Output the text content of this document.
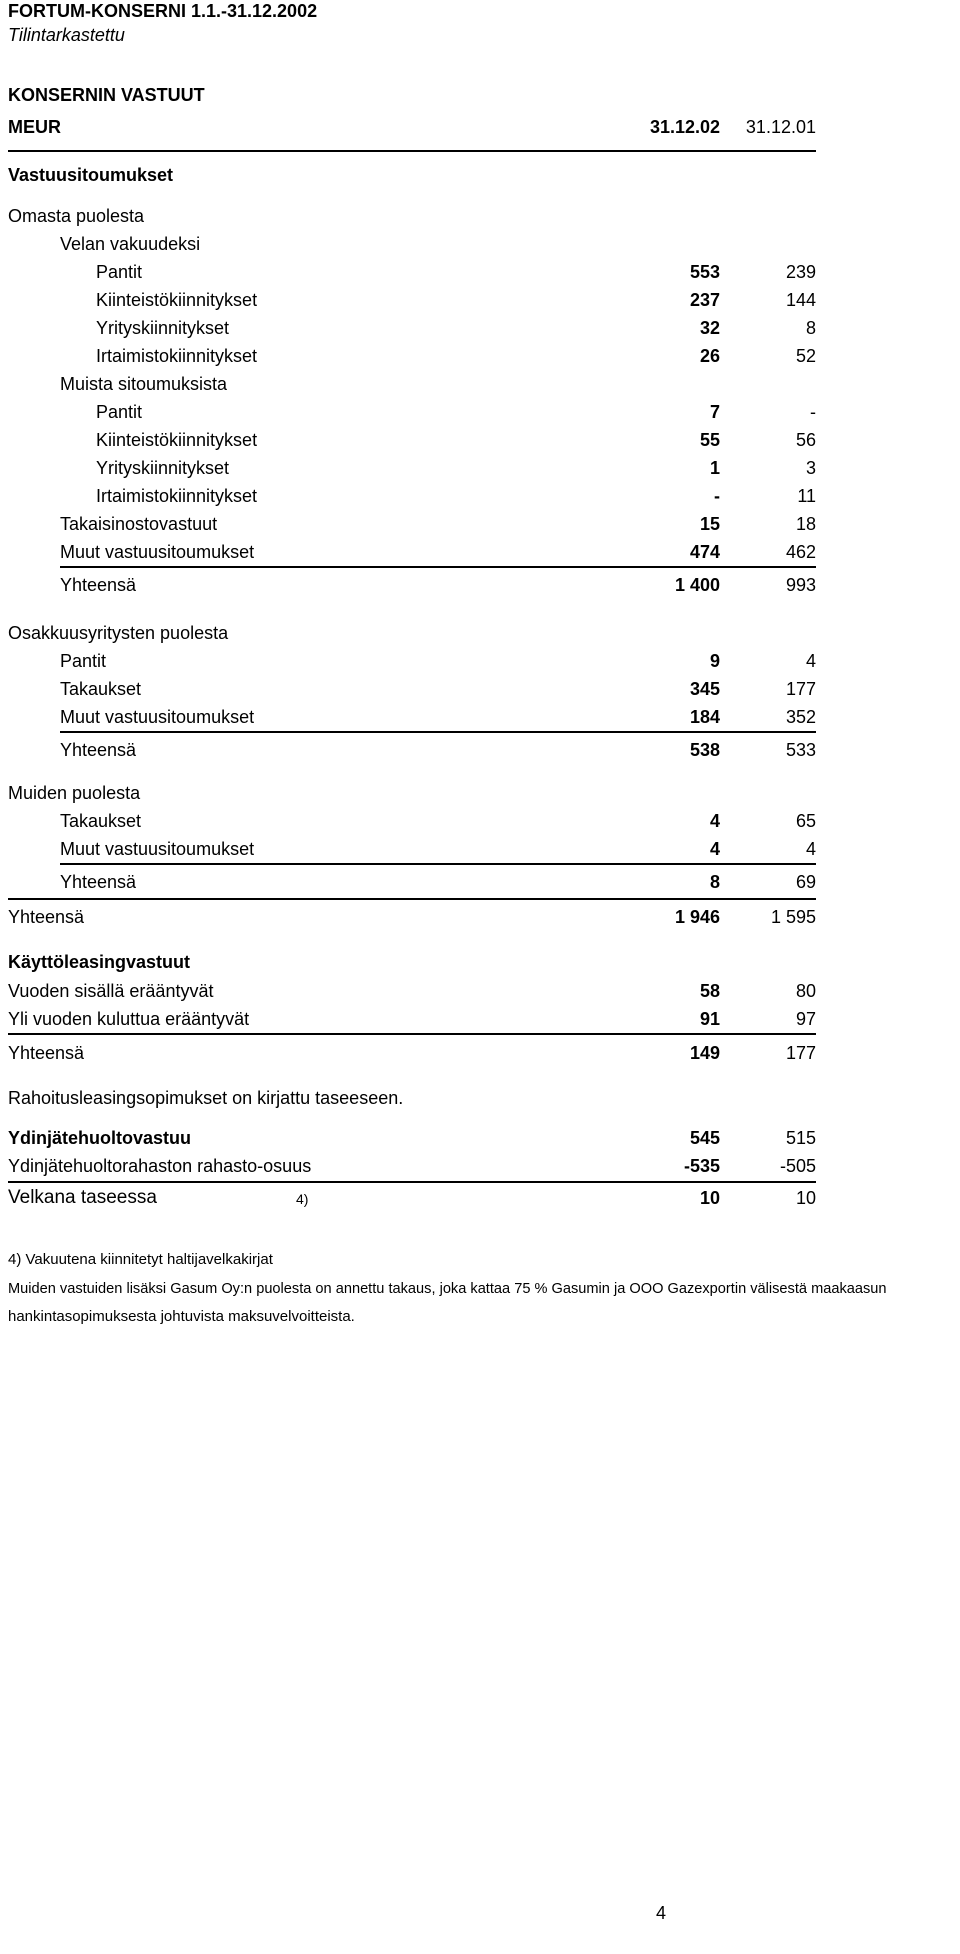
FORTUM-KONSERNI 1.1.-31.12.2002
Tilintarkastettu
KONSERNIN VASTUUT
MEUR	31.12.02	31.12.01
Vastuusitoumukset
Omasta puolesta
Velan vakuudeksi
Pantit	553	239
Kiinteistökiinnitykset	237	144
Yrityskiinnitykset	32	8
Irtaimistokiinnitykset	26	52
Muista sitoumuksista
Pantit	7	-
Kiinteistökiinnitykset	55	56
Yrityskiinnitykset	1	3
Irtaimistokiinnitykset	-	11
Takaisinostovastuut	15	18
Muut vastuusitoumukset	474	462
Yhteensä	1 400	993
Osakkuusyritysten puolesta
Pantit	9	4
Takaukset	345	177
Muut vastuusitoumukset	184	352
Yhteensä	538	533
Muiden puolesta
Takaukset	4	65
Muut vastuusitoumukset	4	4
Yhteensä	8	69
Yhteensä	1 946	1 595
Käyttöleasingvastuut
Vuoden sisällä erääntyvät	58	80
Yli vuoden kuluttua erääntyvät	91	97
Yhteensä	149	177
Rahoitusleasingsopimukset on kirjattu taseeseen.
Ydinjätehuoltovastuu	545	515
Ydinjätehuoltorahaston rahasto-osuus	-535	-505
Velkana taseessa	4)	10	10
4) Vakuutena kiinnitetyt haltijavelkakirjat
Muiden vastuiden lisäksi Gasum Oy:n puolesta on annettu takaus, joka kattaa 75 % Gasumin ja OOO Gazexportin välisestä maakaasun
hankintasopimuksesta johtuvista maksuvelvoitteista.
4
